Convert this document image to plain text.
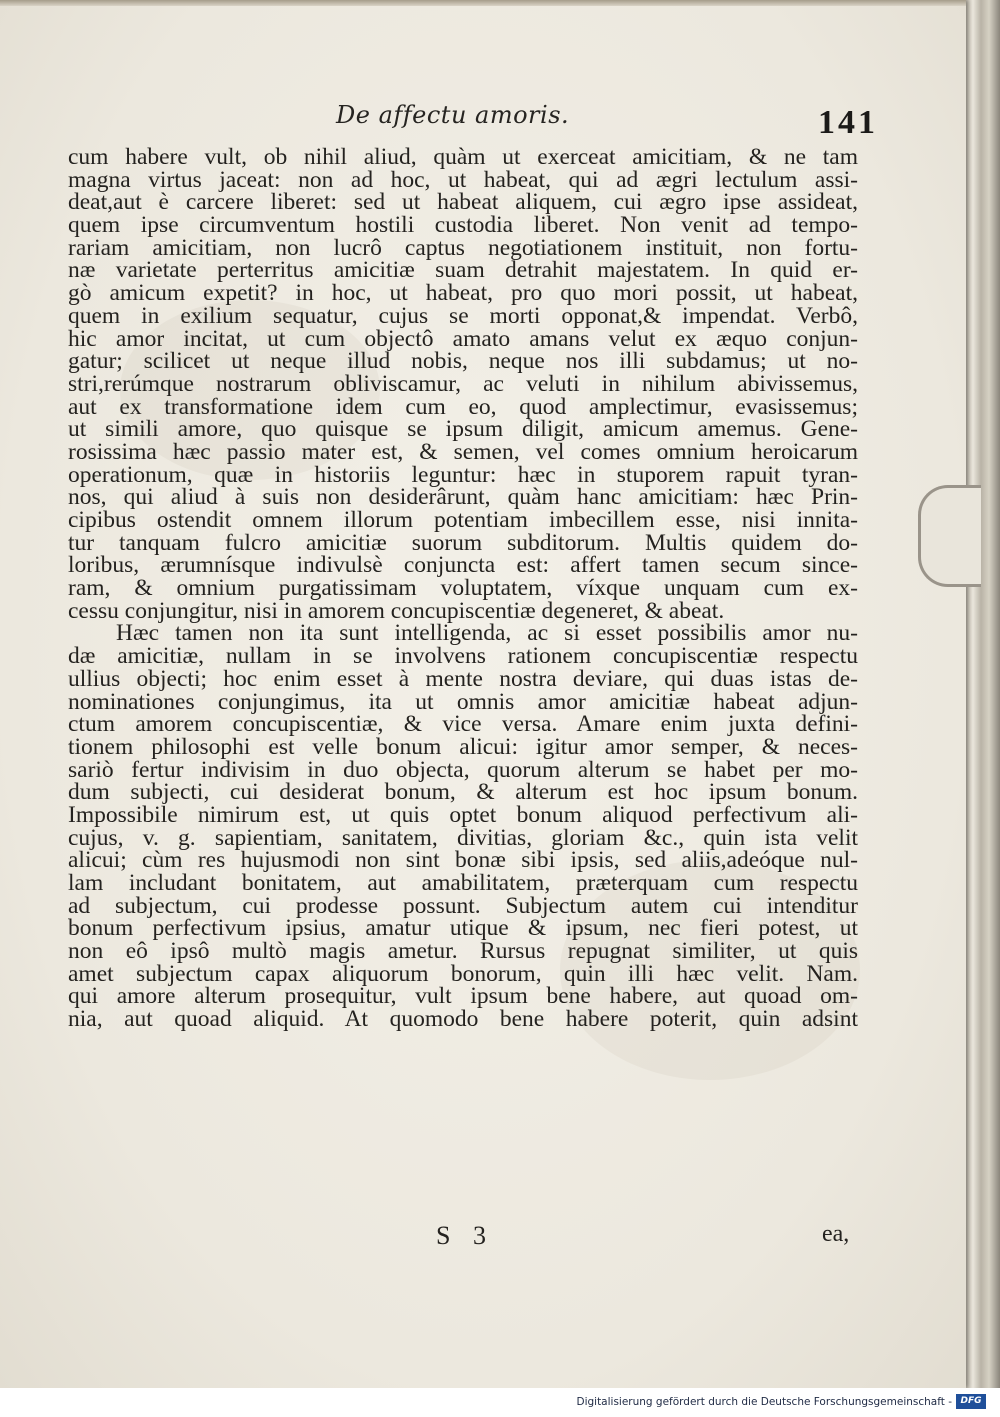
De affectu amoris.	141
cum habere vult, ob nihil aliud, quàm ut exerceat amicitiam, & ne tam
magna virtus jaceat: non ad hoc, ut habeat, qui ad ægri lectulum assi-
deat,aut è carcere liberet: sed ut habeat aliquem, cui ægro ipse assideat,
quem ipse circumventum hostili custodia liberet. Non venit ad tempo-
rariam amicitiam, non lucrô captus negotiationem instituit, non fortu-
næ varietate perterritus amicitiæ suam detrahit majestatem. In quid er-
gò amicum expetit? in hoc, ut habeat, pro quo mori possit, ut habeat,
quem in exilium sequatur, cujus se morti opponat,& impendat. Verbô,
hic amor incitat, ut cum objectô amato amans velut ex æquo conjun-
gatur; scilicet ut neque illud nobis, neque nos illi subdamus; ut no-
stri,rerúmque nostrarum obliviscamur, ac veluti in nihilum abivissemus,
aut ex transformatione idem cum eo, quod amplectimur, evasissemus;
ut simili amore, quo quisque se ipsum diligit, amicum amemus. Gene-
rosissima hæc passio mater est, & semen, vel comes omnium heroicarum
operationum, quæ in historiis leguntur: hæc in stuporem rapuit tyran-
nos, qui aliud à suis non desiderârunt, quàm hanc amicitiam: hæc Prin-
cipibus ostendit omnem illorum potentiam imbecillem esse, nisi innita-
tur tanquam fulcro amicitiæ suorum subditorum. Multis quidem do-
loribus, ærumnísque indivulsè conjuncta est: affert tamen secum since-
ram, & omnium purgatissimam voluptatem, víxque unquam cum ex-
cessu conjungitur, nisi in amorem concupiscentiæ degeneret, & abeat.
Hæc tamen non ita sunt intelligenda, ac si esset possibilis amor nu-
dæ amicitiæ, nullam in se involvens rationem concupiscentiæ respectu
ullius objecti; hoc enim esset à mente nostra deviare, qui duas istas de-
nominationes conjungimus, ita ut omnis amor amicitiæ habeat adjun-
ctum amorem concupiscentiæ, & vice versa. Amare enim juxta defini-
tionem philosophi est velle bonum alicui: igitur amor semper, & neces-
sariò fertur indivisim in duo objecta, quorum alterum se habet per mo-
dum subjecti, cui desiderat bonum, & alterum est hoc ipsum bonum.
Impossibile nimirum est, ut quis optet bonum aliquod perfectivum ali-
cujus, v. g. sapientiam, sanitatem, divitias, gloriam &c., quin ista velit
alicui; cùm res hujusmodi non sint bonæ sibi ipsis, sed aliis,adeóque nul-
lam includant bonitatem, aut amabilitatem, præterquam cum respectu
ad subjectum, cui prodesse possunt. Subjectum autem cui intenditur
bonum perfectivum ipsius, amatur utique & ipsum, nec fieri potest, ut
non eô ipsô multò magis ametur. Rursus repugnat similiter, ut quis
amet subjectum capax aliquorum bonorum, quin illi hæc velit. Nam.
qui amore alterum prosequitur, vult ipsum bene habere, aut quoad om-
nia, aut quoad aliquid. At quomodo bene habere poterit, quin adsint
S 3	ea,
Digitalisierung gefördert durch die Deutsche Forschungsgemeinschaft - DFG
